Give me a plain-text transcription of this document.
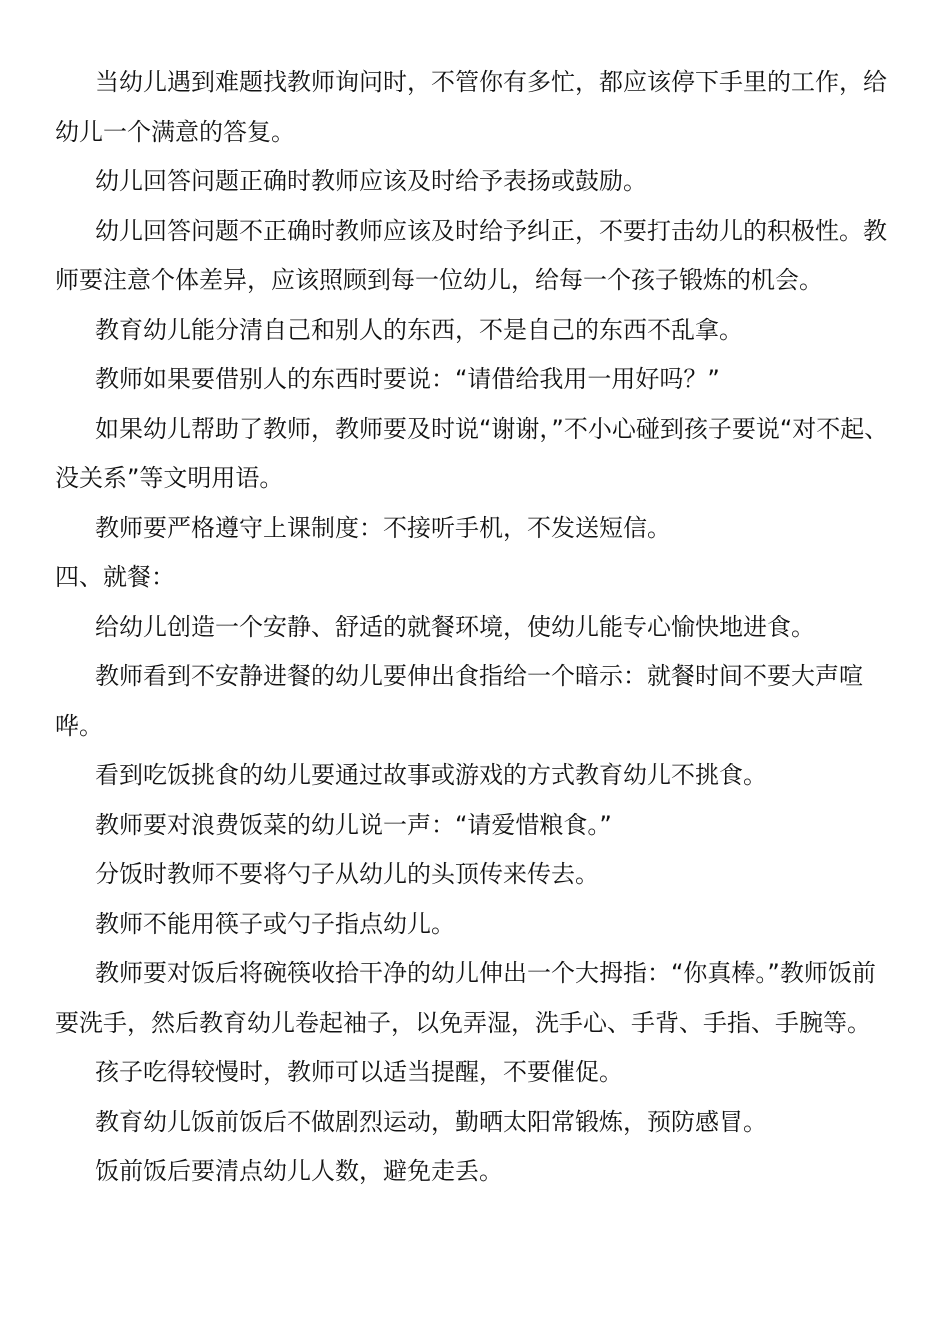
当幼儿遇到难题找教师询问时，不管你有多忙，都应该停下手里的工作，给幼儿一个满意的答复。

幼儿回答问题正确时教师应该及时给予表扬或鼓励。

幼儿回答问题不正确时教师应该及时给予纠正，不要打击幼儿的积极性。教师要注意个体差异，应该照顾到每一位幼儿，给每一个孩子锻炼的机会。

教育幼儿能分清自己和别人的东西，不是自己的东西不乱拿。

教师如果要借别人的东西时要说：“请借给我用一用好吗？”

如果幼儿帮助了教师，教师要及时说“谢谢，”不小心碰到孩子要说“对不起、没关系”等文明用语。

教师要严格遵守上课制度：不接听手机，不发送短信。

四、就餐：

给幼儿创造一个安静、舒适的就餐环境，使幼儿能专心愉快地进食。

教师看到不安静进餐的幼儿要伸出食指给一个暗示：就餐时间不要大声喧哗。

看到吃饭挑食的幼儿要通过故事或游戏的方式教育幼儿不挑食。

教师要对浪费饭菜的幼儿说一声：“请爱惜粮食。”

分饭时教师不要将勺子从幼儿的头顶传来传去。

教师不能用筷子或勺子指点幼儿。

教师要对饭后将碗筷收拾干净的幼儿伸出一个大拇指：“你真棒。”教师饭前要洗手，然后教育幼儿卷起袖子，以免弄湿，洗手心、手背、手指、手腕等。

孩子吃得较慢时，教师可以适当提醒，不要催促。

教育幼儿饭前饭后不做剧烈运动，勤晒太阳常锻炼，预防感冒。

饭前饭后要清点幼儿人数，避免走丢。
